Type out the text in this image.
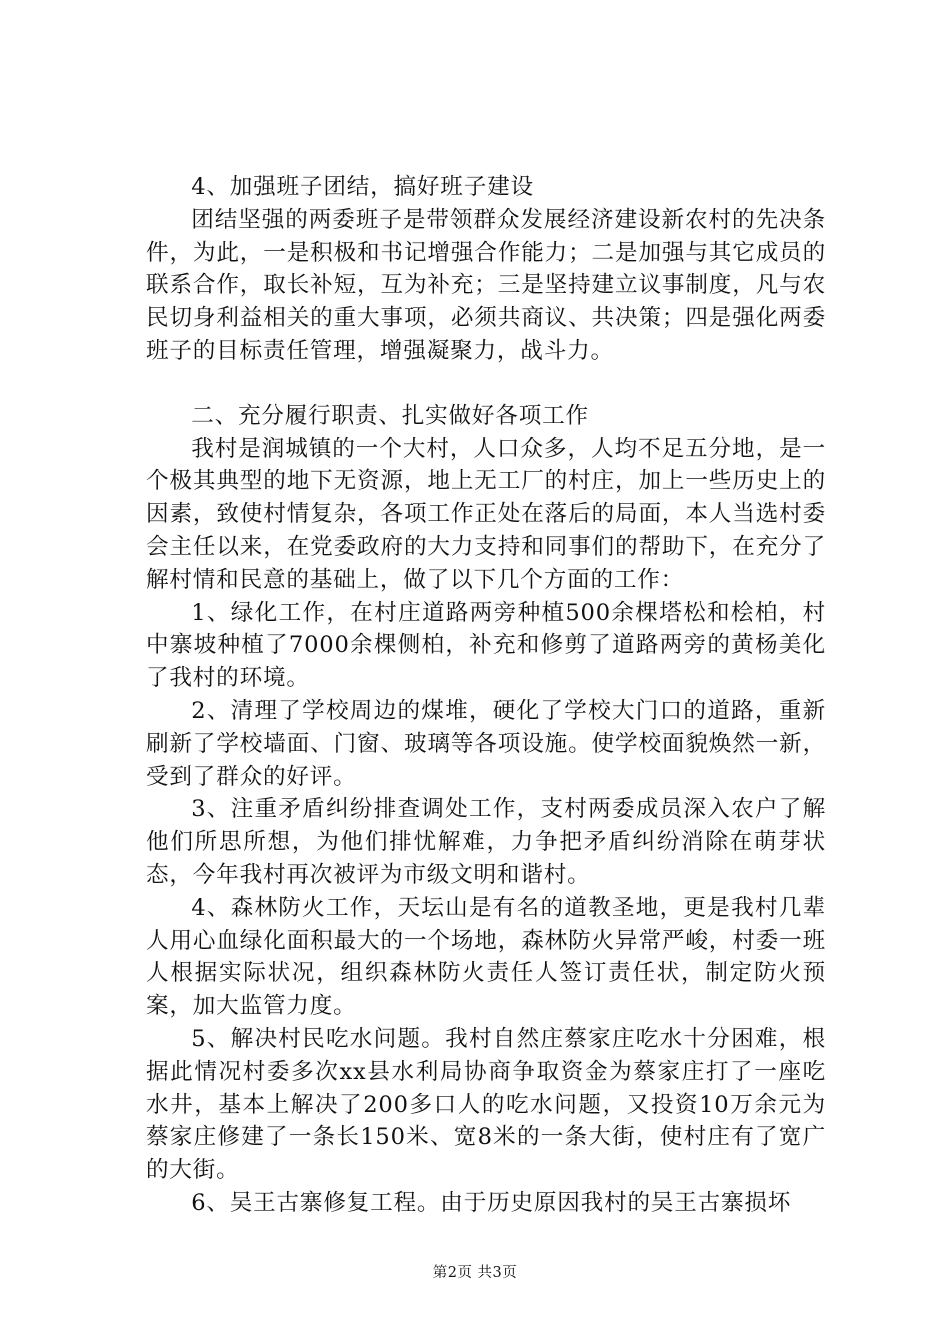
4、加强班子团结，搞好班子建设

团结坚强的两委班子是带领群众发展经济建设新农村的先决条件，为此，一是积极和书记增强合作能力；二是加强与其它成员的联系合作，取长补短，互为补充；三是坚持建立议事制度，凡与农民切身利益相关的重大事项，必须共商议、共决策；四是强化两委班子的目标责任管理，增强凝聚力，战斗力。

二、充分履行职责、扎实做好各项工作

我村是润城镇的一个大村，人口众多，人均不足五分地，是一个极其典型的地下无资源，地上无工厂的村庄，加上一些历史上的因素，致使村情复杂，各项工作正处在落后的局面，本人当选村委会主任以来，在党委政府的大力支持和同事们的帮助下，在充分了解村情和民意的基础上，做了以下几个方面的工作：

1、绿化工作，在村庄道路两旁种植500余棵塔松和桧柏，村中寨坡种植了7000余棵侧柏，补充和修剪了道路两旁的黄杨美化了我村的环境。

2、清理了学校周边的煤堆，硬化了学校大门口的道路，重新刷新了学校墙面、门窗、玻璃等各项设施。使学校面貌焕然一新，受到了群众的好评。

3、注重矛盾纠纷排查调处工作，支村两委成员深入农户了解他们所思所想，为他们排忧解难，力争把矛盾纠纷消除在萌芽状态，今年我村再次被评为市级文明和谐村。

4、森林防火工作，天坛山是有名的道教圣地，更是我村几辈人用心血绿化面积最大的一个场地，森林防火异常严峻，村委一班人根据实际状况，组织森林防火责任人签订责任状，制定防火预案，加大监管力度。

5、解决村民吃水问题。我村自然庄蔡家庄吃水十分困难，根据此情况村委多次xx县水利局协商争取资金为蔡家庄打了一座吃水井，基本上解决了200多口人的吃水问题，又投资10万余元为蔡家庄修建了一条长150米、宽8米的一条大街，使村庄有了宽广的大街。

6、吴王古寨修复工程。由于历史原因我村的吴王古寨损坏

第2页 共3页
